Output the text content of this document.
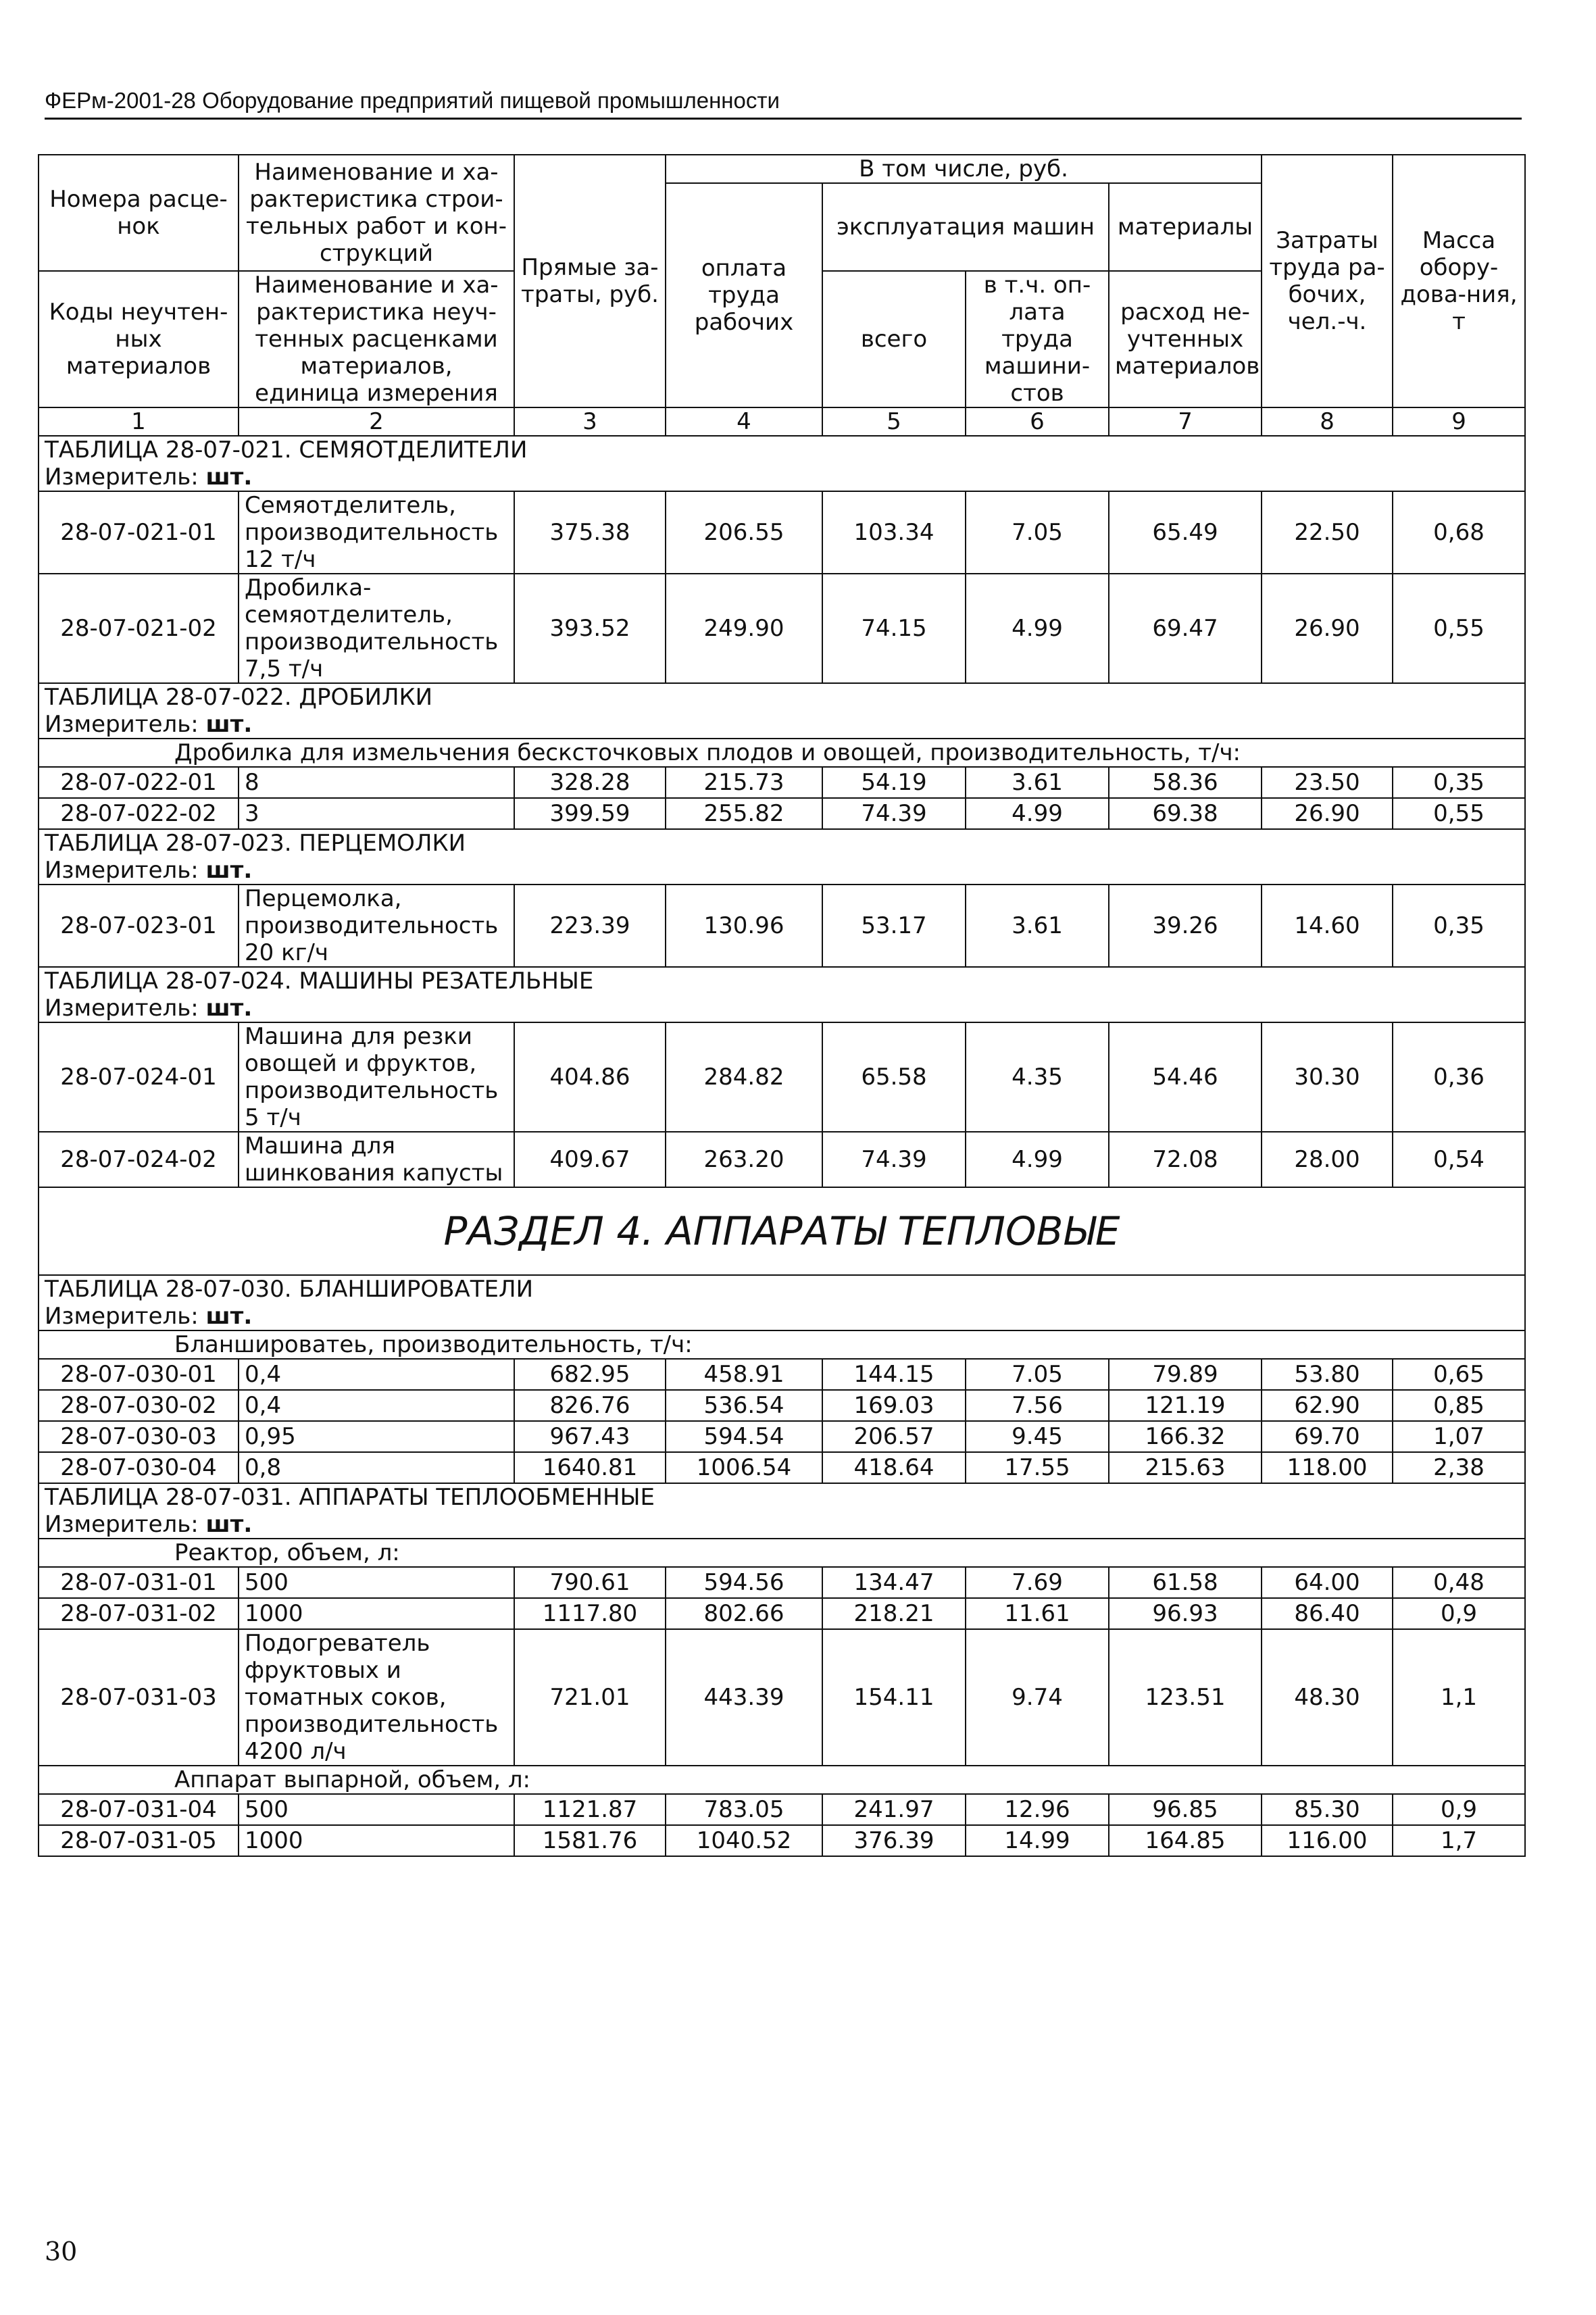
ФЕРм-2001-28 Оборудование предприятий пищевой промышленности
Номера расце-нок	Наименование и ха-рактеристика строи-тельных работ и кон-струкций	Прямые за-траты, руб.	В том числе, руб.				Затраты труда ра-бочих, чел.-ч.	Масса обору-дова-ния, т
			оплата труда рабочих	эксплуатация машин		материалы		

Коды неучтен-ных материалов	Наименование и ха-рактеристика неуч-тенных расценками материалов, единица измерения			всего	в т.ч. оп-лата труда машини-стов	расход не-учтенных материалов		

1	2	3	4	5	6	7	8	9
ТАБЛИЦА 28-07-021. СЕМЯОТДЕЛИТЕЛИ								
Измеритель: шт.								
28-07-021-01	Семяотделитель, производительность 12 т/ч	375.38	206.55	103.34	7.05	65.49	22.50	0,68
28-07-021-02	Дробилка-семяотделитель, производительность 7,5 т/ч	393.52	249.90	74.15	4.99	69.47	26.90	0,55
ТАБЛИЦА 28-07-022. ДРОБИЛКИ								
Измеритель: шт.								
Дробилка для измельчения бесксточковых плодов и овощей, производительность, т/ч:								
28-07-022-01	8	328.28	215.73	54.19	3.61	58.36	23.50	0,35
28-07-022-02	3	399.59	255.82	74.39	4.99	69.38	26.90	0,55
ТАБЛИЦА 28-07-023. ПЕРЦЕМОЛКИ								
Измеритель: шт.								
28-07-023-01	Перцемолка, производительность 20 кг/ч	223.39	130.96	53.17	3.61	39.26	14.60	0,35
ТАБЛИЦА 28-07-024. МАШИНЫ РЕЗАТЕЛЬНЫЕ								
Измеритель: шт.								
28-07-024-01	Машина для резки овощей и фруктов, производительность 5 т/ч	404.86	284.82	65.58	4.35	54.46	30.30	0,36
28-07-024-02	Машина для шинкования капусты	409.67	263.20	74.39	4.99	72.08	28.00	0,54
РАЗДЕЛ 4. АППАРАТЫ ТЕПЛОВЫЕ								
ТАБЛИЦА 28-07-030. БЛАНШИРОВАТЕЛИ								
Измеритель: шт.								
Бланшироватеь, производительность, т/ч:								
28-07-030-01	0,4	682.95	458.91	144.15	7.05	79.89	53.80	0,65
28-07-030-02	0,4	826.76	536.54	169.03	7.56	121.19	62.90	0,85
28-07-030-03	0,95	967.43	594.54	206.57	9.45	166.32	69.70	1,07
28-07-030-04	0,8	1640.81	1006.54	418.64	17.55	215.63	118.00	2,38
ТАБЛИЦА 28-07-031. АППАРАТЫ ТЕПЛООБМЕННЫЕ								
Измеритель: шт.								
Реактор, объем, л:								
28-07-031-01	500	790.61	594.56	134.47	7.69	61.58	64.00	0,48
28-07-031-02	1000	1117.80	802.66	218.21	11.61	96.93	86.40	0,9
28-07-031-03	Подогреватель фруктовых и томатных соков, производительность 4200 л/ч	721.01	443.39	154.11	9.74	123.51	48.30	1,1
Аппарат выпарной, объем, л:								
28-07-031-04	500	1121.87	783.05	241.97	12.96	96.85	85.30	0,9
28-07-031-05	1000	1581.76	1040.52	376.39	14.99	164.85	116.00	1,7
30
